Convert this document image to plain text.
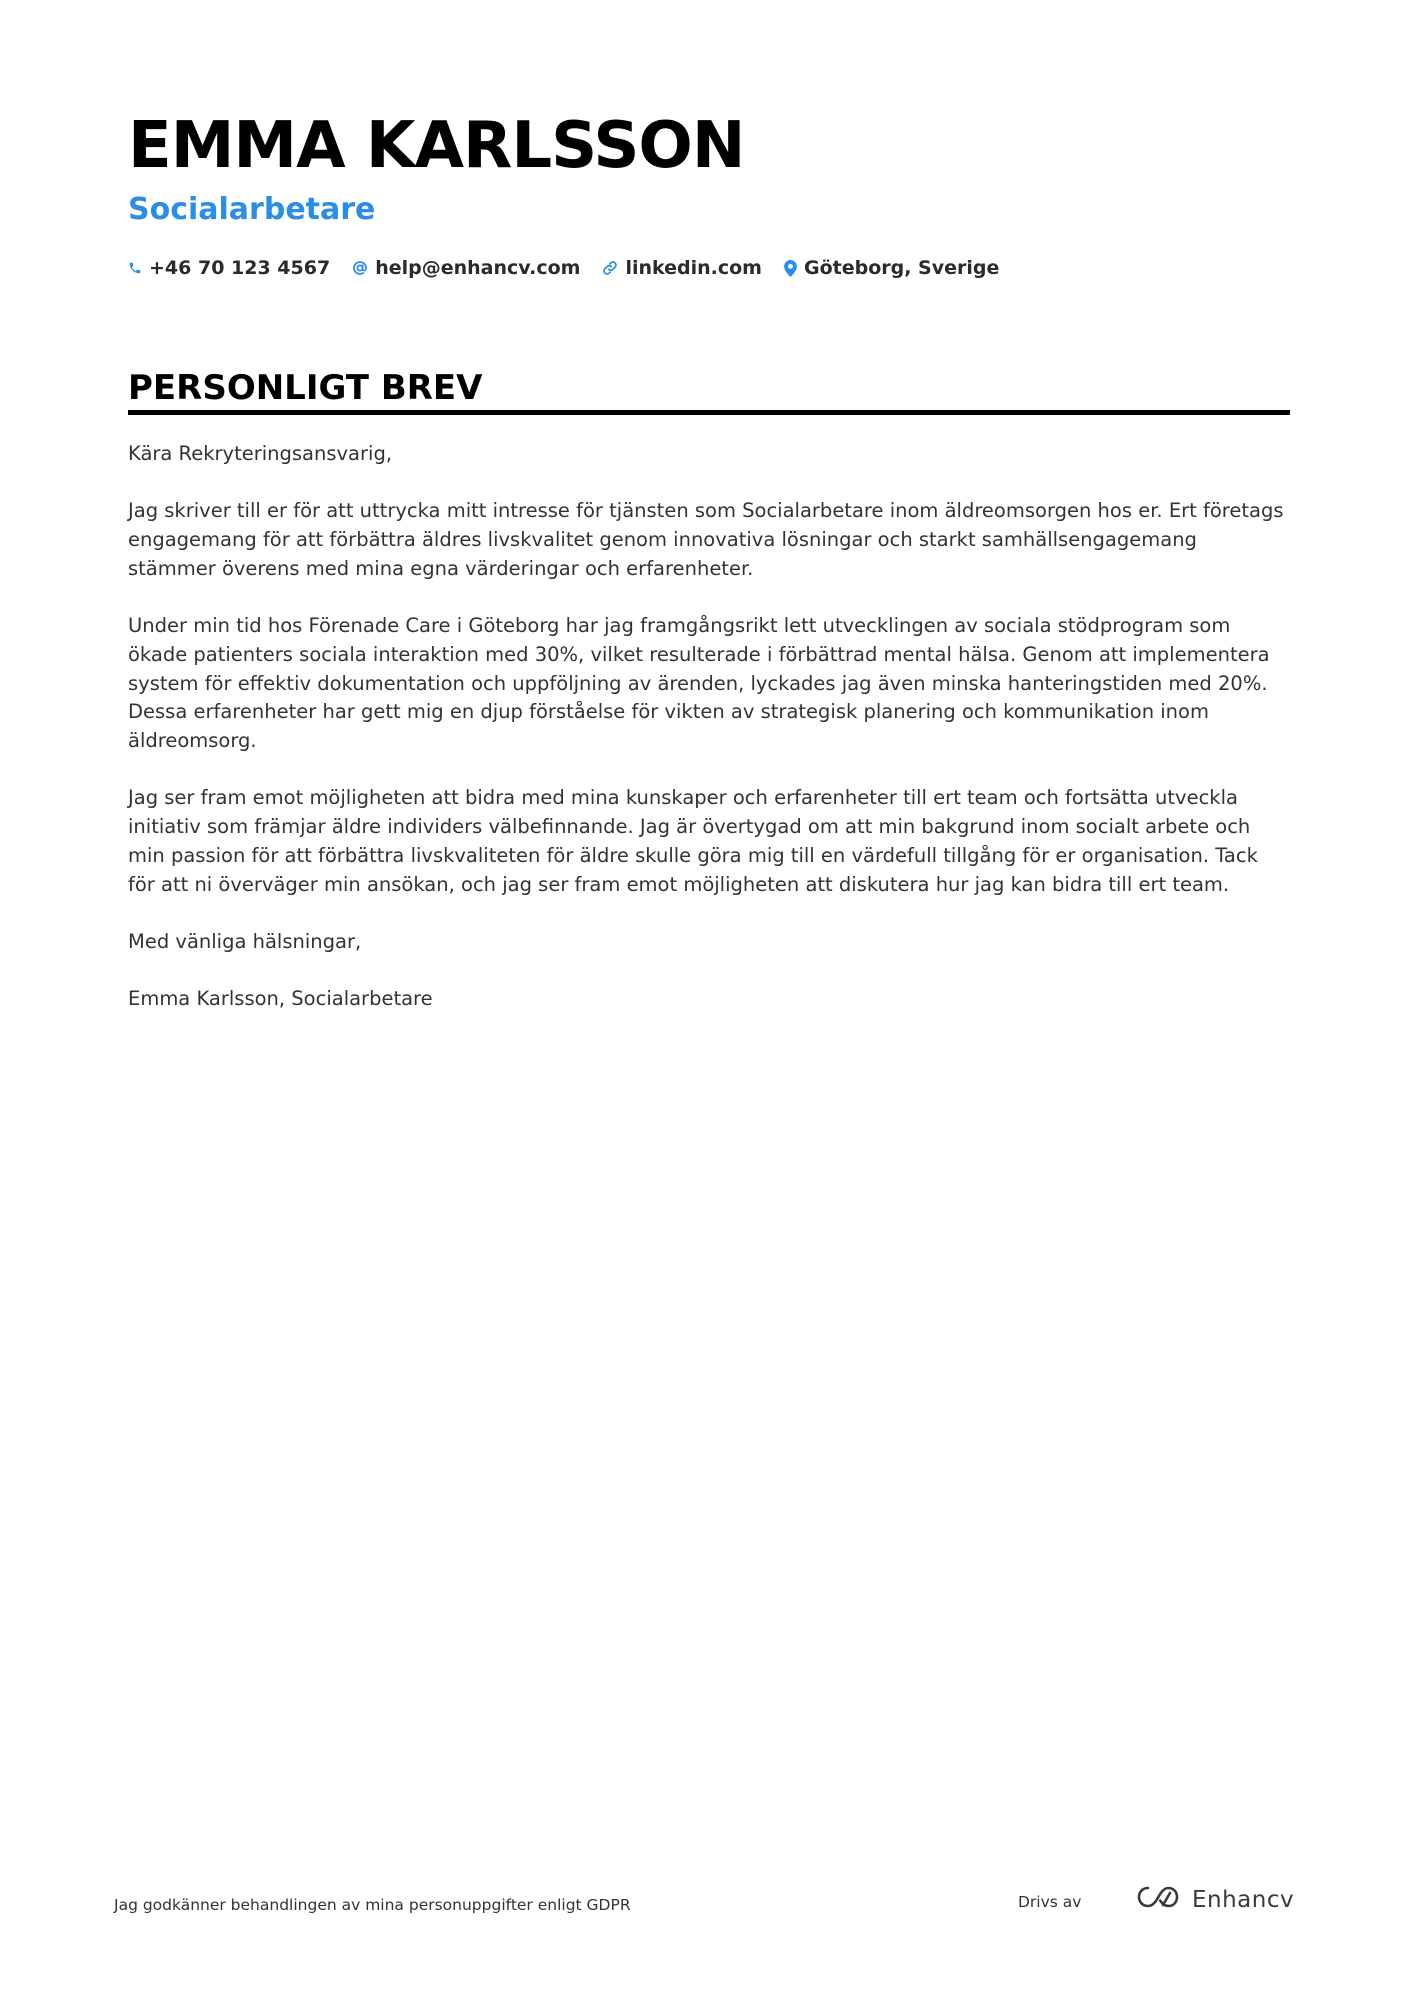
EMMA KARLSSON
Socialarbetare
+46 70 123 4567 help@enhancv.com linkedin.com Göteborg, Sverige
PERSONLIGT BREV

Kära Rekryteringsansvarig,

Jag skriver till er för att uttrycka mitt intresse för tjänsten som Socialarbetare inom äldreomsorgen hos er. Ert företags engagemang för att förbättra äldres livskvalitet genom innovativa lösningar och starkt samhällsengagemang stämmer överens med mina egna värderingar och erfarenheter.

Under min tid hos Förenade Care i Göteborg har jag framgångsrikt lett utvecklingen av sociala stödprogram som ökade patienters sociala interaktion med 30%, vilket resulterade i förbättrad mental hälsa. Genom att implementera system för effektiv dokumentation och uppföljning av ärenden, lyckades jag även minska hanteringstiden med 20%. Dessa erfarenheter har gett mig en djup förståelse för vikten av strategisk planering och kommunikation inom äldreomsorg.

Jag ser fram emot möjligheten att bidra med mina kunskaper och erfarenheter till ert team och fortsätta utveckla initiativ som främjar äldre individers välbefinnande. Jag är övertygad om att min bakgrund inom socialt arbete och min passion för att förbättra livskvaliteten för äldre skulle göra mig till en värdefull tillgång för er organisation. Tack för att ni överväger min ansökan, och jag ser fram emot möjligheten att diskutera hur jag kan bidra till ert team.

Med vänliga hälsningar,

Emma Karlsson, Socialarbetare

Jag godkänner behandlingen av mina personuppgifter enligt GDPR	Drivs av	Enhancv
